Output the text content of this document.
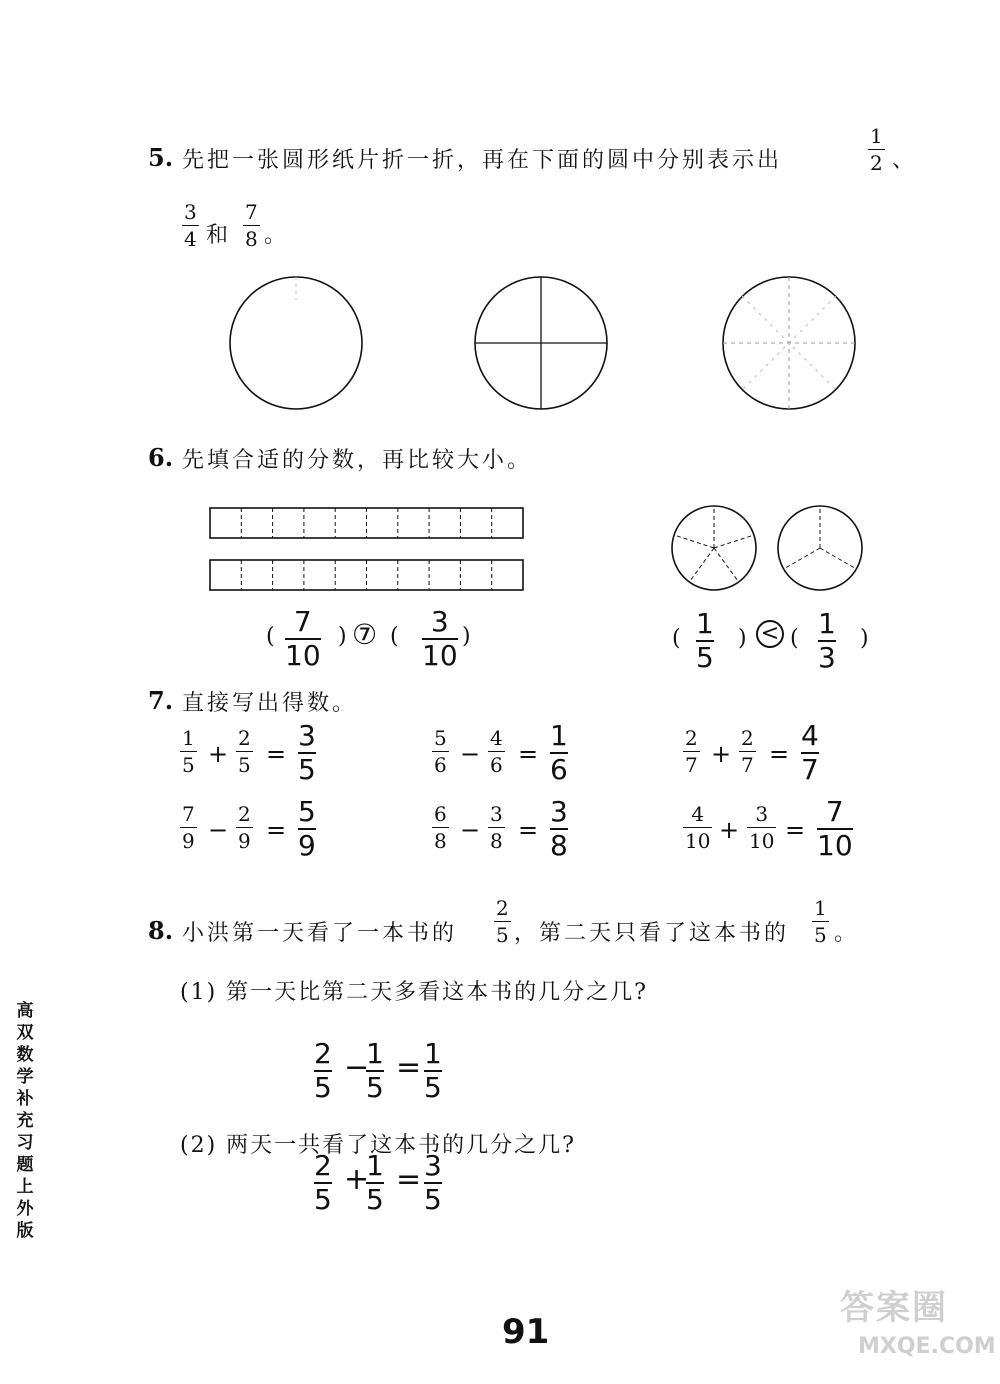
5. 先把一张圆形纸片折一折，再在下面的圆中分别表示出	$\frac{1}{2}$ 、
$\frac{3}{4}$ 和 $\frac{7}{8}$ 。
6. 先填合适的分数，再比较大小。
( $\frac{7}{10}$ ) ⑦ ( $\frac{3}{10}$ )	( $\frac{1}{5}$ ) < ( $\frac{1}{3}$ )
7. 直接写出得数。
$\frac{1}{5} + \frac{2}{5} = \frac{3}{5}$	$\frac{5}{6} - \frac{4}{6} = \frac{1}{6}$	$\frac{2}{7} + \frac{2}{7} = \frac{4}{7}$
$\frac{7}{9} - \frac{2}{9} = \frac{5}{9}$	$\frac{6}{8} - \frac{3}{8} = \frac{3}{8}$	$\frac{4}{10} + \frac{3}{10} = \frac{7}{10}$
8. 小洪第一天看了一本书的 $\frac{2}{5}$ ，第二天只看了这本书的 $\frac{1}{5}$ 。
(1) 第一天比第二天多看这本书的几分之几?
$\frac{2}{5}$ −
$\frac{1}{5} = \frac{1}{5}$
(2) 两天一共看了这本书的几分之几?
$\frac{2}{5}$ +
$\frac{1}{5} = \frac{3}{5}$
高双数学补充习题上外版
91
答案圈
MXQE.COM
